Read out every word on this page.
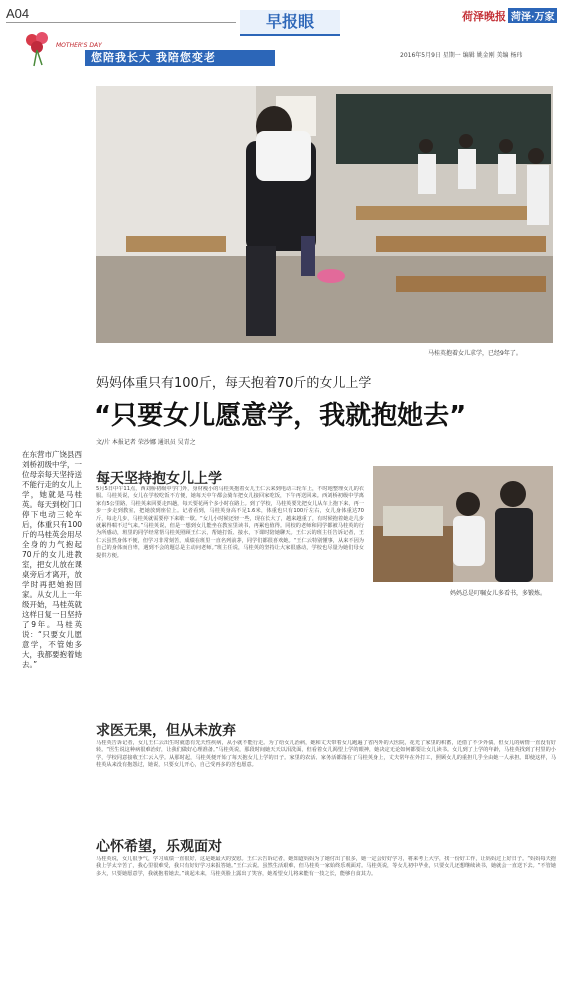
A04	早报眼	荷泽晚报 菏泽·万家
2016年5月9日 星期一 编辑 姚金刚 美编 杨玮
MOTHER'S DAY
您陪我长大 我陪您变老
马桂英抱着女儿求学，已经9年了。
妈妈体重只有100斤，每天抱着70斤的女儿上学
“只要女儿愿意学，我就抱她去”
文/片 本报记者 荣沙娜 通讯员 吴青之
在东营市广饶县西刘桥初级中学，一位母亲每天坚持送不能行走的女儿上学，她就是马桂英。每天到校门口停下电动三轮车后，体重只有100斤的马桂英会用尽全身的力气抱起70斤的女儿进教室，把女儿放在课桌旁后才离开，放学时再把她抱回家。从女儿上一年级开始，马桂英就这样日复一日坚持了9年。马桂英说：“只要女儿愿意学，不管她多大，我都要抱着她去。”
每天坚持抱女儿上学
5月5日中午11点，西刘桥初级中学门外，身材瘦小的马桂英抱着女儿王仁云来到电动三轮车上，不时地整理女儿的衣服。马桂英说，女儿在学校吃饭不方便，她每天中午都会骑车把女儿接回家吃饭，下午再送回来。西刘桥初级中学离家有5公里路，马桂英来回要走四趟，每天要花两个多小时在路上。到了学校，马桂英要先把女儿从车上抱下来，再一步一步走到教室，把她放到座位上。记者看到，马桂英身高不足1.6米，体重也只有100斤左右，女儿身体重达70斤，每走几步，马桂英就需要停下来歇一歇。“女儿小时候还轻一些，现在长大了，越来越重了，有时候抱着她走几步就累得喘不过气来。”马桂英说，但是一想到女儿能坐在教室里读书，再累也值得。同校的老师和同学都被马桂英的行为所感动，班里的同学经常帮马桂英照顾王仁云，帮她打饭、接水，下课时陪她聊天。王仁云的班主任告诉记者，王仁云虽然身体不便，但学习非常刻苦，成绩在班里一直名列前茅，同学们都很喜欢她。“王仁云特别懂事，从来不因为自己的身体而自卑，遇到不会的题总是主动问老师。”班主任说，马桂英的坚持让大家很感动，学校也尽量为她们母女提供方便。
妈妈总是叮嘱女儿多看书，多锻炼。
求医无果，但从未放弃
马桂英告诉记者，女儿王仁云出生时就患有先天性疾病，从小就不能行走。为了给女儿治病，她和丈夫带着女儿跑遍了省内外的大医院，花光了家里的积蓄，还借了不少外债，但女儿的病情一直没有好转。“医生说这种病很难治好，让我们做好心理准备。”马桂英说，那段时间她天天以泪洗面，但看着女儿渴望上学的眼神，她决定无论如何都要让女儿读书。女儿到了上学的年龄，马桂英找到了村里的小学，学校同意接收王仁云入学。从那时起，马桂英便开始了每天抱女儿上学的日子。家里的农活、家务活都落在了马桂英身上，丈夫常年在外打工，照顾女儿的重担几乎全由她一人承担。即使这样，马桂英从来没有抱怨过，她说，只要女儿开心，自己受再多的苦也愿意。
心怀希望，乐观面对
马桂英说，女儿很争气，学习成绩一直很好，这是她最大的安慰。王仁云告诉记者，她知道妈妈为了她付出了很多，她一定会好好学习，将来考上大学，找一份好工作，让妈妈过上好日子。“妈妈每天抱我上学太辛苦了，我心里很难受，我只有好好学习来报答她。”王仁云说。虽然生活艰难，但马桂英一家始终乐观面对。马桂英说，等女儿初中毕业，只要女儿还想继续读书，她就会一直送下去。“不管她多大，只要她愿意学，我就抱着她去。”谈起未来，马桂英脸上露出了笑容，她希望女儿将来能有一技之长，能够自食其力。
